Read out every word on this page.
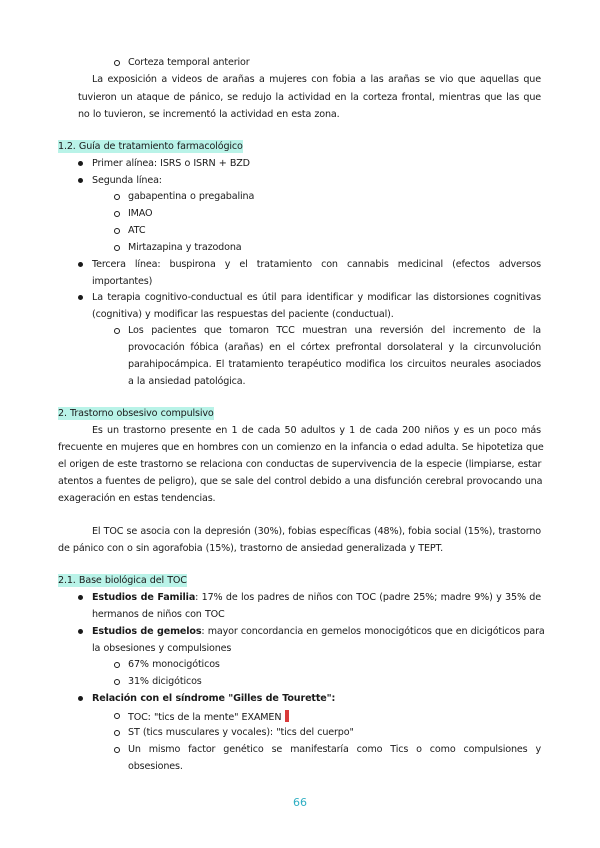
Corteza temporal anterior
La exposición a videos de arañas a mujeres con fobia a las arañas se vio que aquellas que
tuvieron un ataque de pánico, se redujo la actividad en la corteza frontal, mientras que las que
no lo tuvieron, se incrementó la actividad en esta zona.
1.2. Guía de tratamiento farmacológico
Primer alínea: ISRS o ISRN + BZD
Segunda línea:
gabapentina o pregabalina
IMAO
ATC
Mirtazapina y trazodona
Tercera línea: buspirona y el tratamiento con cannabis medicinal (efectos adversos
importantes)
La terapia cognitivo-conductual es útil para identificar y modificar las distorsiones cognitivas
(cognitiva) y modificar las respuestas del paciente (conductual).
Los pacientes que tomaron TCC muestran una reversión del incremento de la
provocación fóbica (arañas) en el córtex prefrontal dorsolateral y la circunvolución
parahipocámpica. El tratamiento terapéutico modifica los circuitos neurales asociados
a la ansiedad patológica.
2. Trastorno obsesivo compulsivo
Es un trastorno presente en 1 de cada 50 adultos y 1 de cada 200 niños y es un poco más
frecuente en mujeres que en hombres con un comienzo en la infancia o edad adulta. Se hipotetiza que
el origen de este trastorno se relaciona con conductas de supervivencia de la especie (limpiarse, estar
atentos a fuentes de peligro), que se sale del control debido a una disfunción cerebral provocando una
exageración en estas tendencias.
El TOC se asocia con la depresión (30%), fobias específicas (48%), fobia social (15%), trastorno
de pánico con o sin agorafobia (15%), trastorno de ansiedad generalizada y TEPT.
2.1. Base biológica del TOC
Estudios de Familia: 17% de los padres de niños con TOC (padre 25%; madre 9%) y 35% de
hermanos de niños con TOC
Estudios de gemelos: mayor concordancia en gemelos monocigóticos que en dicigóticos para
la obsesiones y compulsiones
67% monocigóticos
31% dicigóticos
Relación con el síndrome "Gilles de Tourette":
TOC: "tics de la mente" EXAMEN
ST (tics musculares y vocales): "tics del cuerpo"
Un mismo factor genético se manifestaría como Tics o como compulsiones y
obsesiones.
66
